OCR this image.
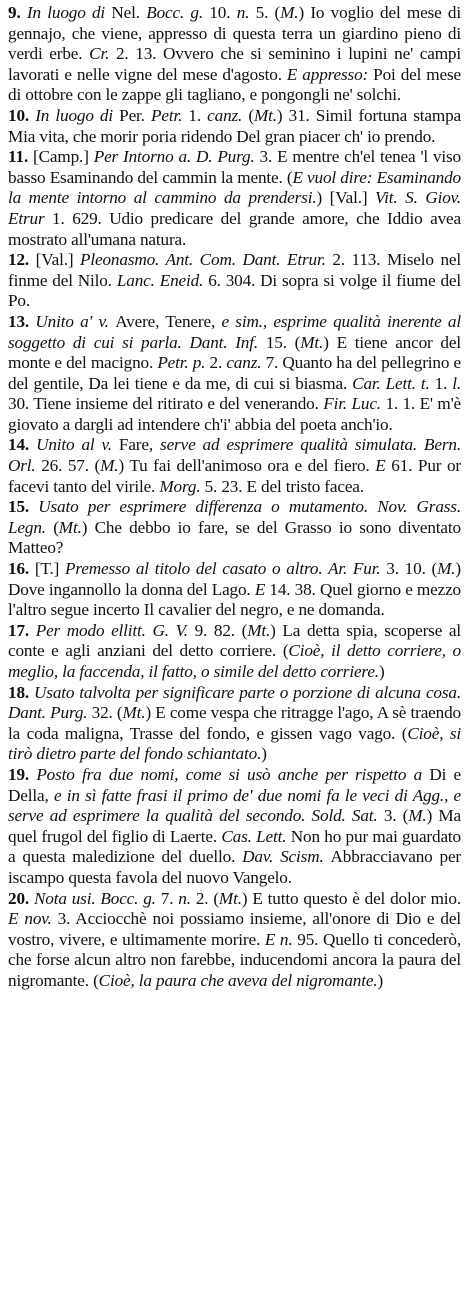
9. In luogo di Nel. Bocc. g. 10. n. 5. (M.) Io voglio del mese di gennajo, che viene, appresso di questa terra un giardino pieno di verdi erbe. Cr. 2. 13. Ovvero che si seminino i lupini ne' campi lavorati e nelle vigne del mese d'agosto. E appresso: Poi del mese di ottobre con le zappe gli tagliano, e pongongli ne' solchi.

10. In luogo di Per. Petr. 1. canz. (Mt.) 31. Simil fortuna stampa Mia vita, che morir poria ridendo Del gran piacer ch' io prendo.

11. [Camp.] Per Intorno a. D. Purg. 3. E mentre ch'el tenea 'l viso basso Esaminando del cammin la mente. (E vuol dire: Esaminando la mente intorno al cammino da prendersi.) [Val.] Vit. S. Giov. Etrur 1. 629. Udio predicare del grande amore, che Iddio avea mostrato all'umana natura.

12. [Val.] Pleonasmo. Ant. Com. Dant. Etrur. 2. 113. Miselo nel finme del Nilo. Lanc. Eneid. 6. 304. Di sopra si volge il fiume del Po.

13. Unito a' v. Avere, Tenere, e sim., esprime qualità inerente al soggetto di cui si parla. Dant. Inf. 15. (Mt.) E tiene ancor del monte e del macigno. Petr. p. 2. canz. 7. Quanto ha del pellegrino e del gentile, Da lei tiene e da me, di cui si biasma. Car. Lett. t. 1. l. 30. Tiene insieme del ritirato e del venerando. Fir. Luc. 1. 1. E' m'è giovato a dargli ad intendere ch'i' abbia del poeta anch'io.

14. Unito al v. Fare, serve ad esprimere qualità simulata. Bern. Orl. 26. 57. (M.) Tu fai dell'animoso ora e del fiero. E 61. Pur or facevi tanto del virile. Morg. 5. 23. E del tristo facea.

15. Usato per esprimere differenza o mutamento. Nov. Grass. Legn. (Mt.) Che debbo io fare, se del Grasso io sono diventato Matteo?

16. [T.] Premesso al titolo del casato o altro. Ar. Fur. 3. 10. (M.) Dove ingannollo la donna del Lago. E 14. 38. Quel giorno e mezzo l'altro segue incerto Il cavalier del negro, e ne domanda.

17. Per modo ellitt. G. V. 9. 82. (Mt.) La detta spia, scoperse al conte e agli anziani del detto corriere. (Cioè, il detto corriere, o meglio, la faccenda, il fatto, o simile del detto corriere.)

18. Usato talvolta per significare parte o porzione di alcuna cosa. Dant. Purg. 32. (Mt.) E come vespa che ritragge l'ago, A sè traendo la coda maligna, Trasse del fondo, e gissen vago vago. (Cioè, si tirò dietro parte del fondo schiantato.)

19. Posto fra due nomi, come si usò anche per rispetto a Di e Della, e in sì fatte frasi il primo de' due nomi fa le veci di Agg., e serve ad esprimere la qualità del secondo. Sold. Sat. 3. (M.) Ma quel frugol del figlio di Laerte. Cas. Lett. Non ho pur mai guardato a questa maledizione del duello. Dav. Scism. Abbracciavano per iscampo questa favola del nuovo Vangelo.

20. Nota usi. Bocc. g. 7. n. 2. (Mt.) E tutto questo è del dolor mio. E nov. 3. Acciocchè noi possiamo insieme, all'onore di Dio e del vostro, vivere, e ultimamente morire. E n. 95. Quello ti concederò, che forse alcun altro non farebbe, inducendomi ancora la paura del nigromante. (Cioè, la paura che aveva del nigromante.)
